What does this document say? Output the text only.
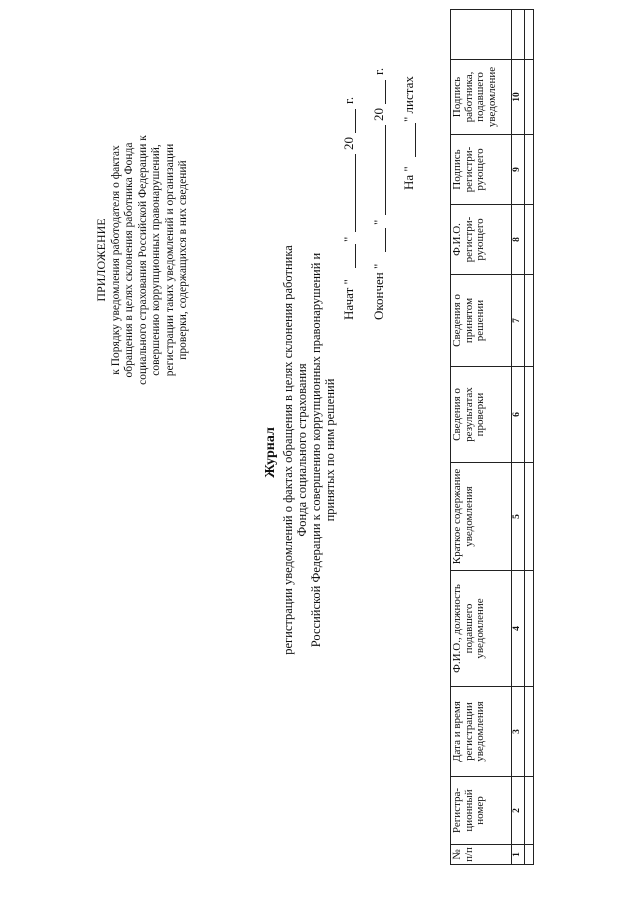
ПРИЛОЖЕНИЕ к Порядку уведомления работодателя о фактах обращения в целях склонения работника Фонда социального страхования Российской Федерации к совершению коррупционных правонарушений, регистрации таких уведомлений и организации проверки, содержащихся в них сведений
Журнал регистрации уведомлений о фактах обращения в целях склонения работника Фонда социального страхования Российской Федерации к совершению коррупционных правонарушений и принятых по ним решений
Начат "
"
20
г.
Окончен "
"
20
г.
На "
" листах
№ п/п	Регистра-ционный номер	Дата и время регистрации уведомления	Ф.И.О., должность подавшего уведомление	Краткое содержание уведомления	Сведения о результатах проверки	Сведения о принятом решении	Ф.И.О. регистри-рующего	Подпись регистри-рующего	Подпись работника, подавшего уведомление	
1	2	3	4	5	6	7	8	9	10	
